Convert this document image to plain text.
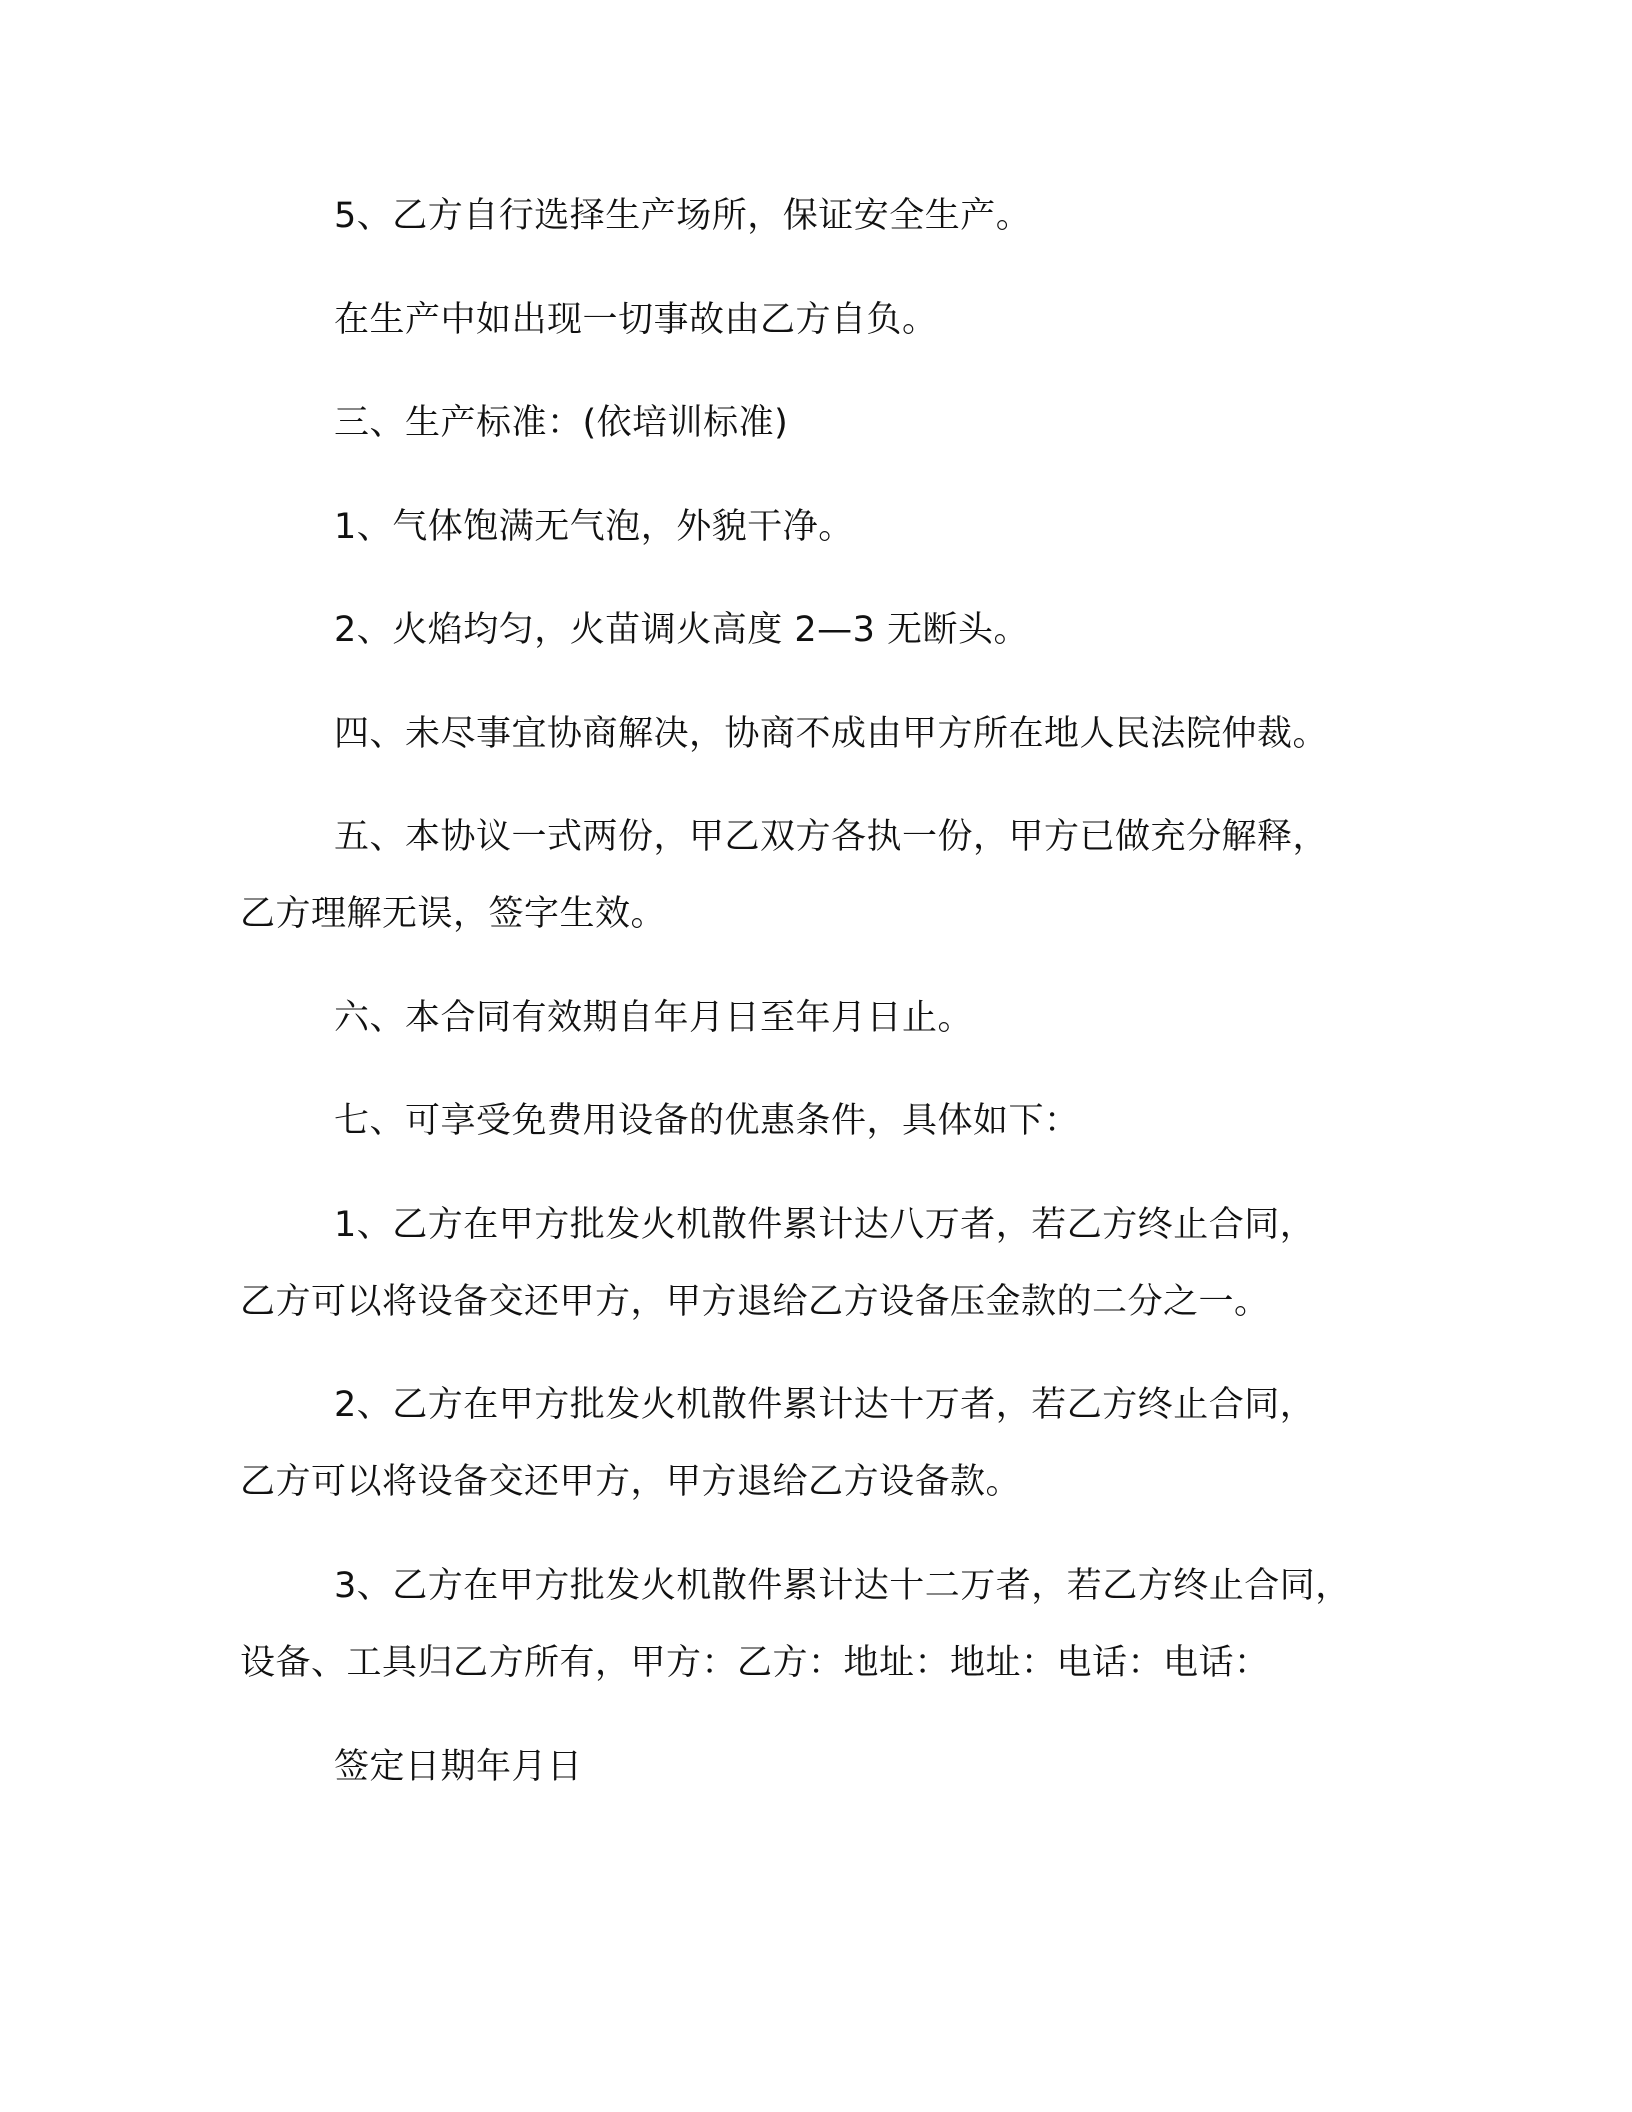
5、乙方自行选择生产场所，保证安全生产。

在生产中如出现一切事故由乙方自负。

三、生产标准：(依培训标准)

1、气体饱满无气泡，外貌干净。

2、火焰均匀，火苗调火高度 2—3 无断头。

四、未尽事宜协商解决，协商不成由甲方所在地人民法院仲裁。

五、本协议一式两份，甲乙双方各执一份，甲方已做充分解释，
乙方理解无误，签字生效。

六、本合同有效期自年月日至年月日止。

七、可享受免费用设备的优惠条件，具体如下：

1、乙方在甲方批发火机散件累计达八万者，若乙方终止合同，
乙方可以将设备交还甲方，甲方退给乙方设备压金款的二分之一。

2、乙方在甲方批发火机散件累计达十万者，若乙方终止合同，
乙方可以将设备交还甲方，甲方退给乙方设备款。

3、乙方在甲方批发火机散件累计达十二万者，若乙方终止合同，
设备、工具归乙方所有，甲方：乙方：地址：地址：电话：电话：

签定日期年月日
